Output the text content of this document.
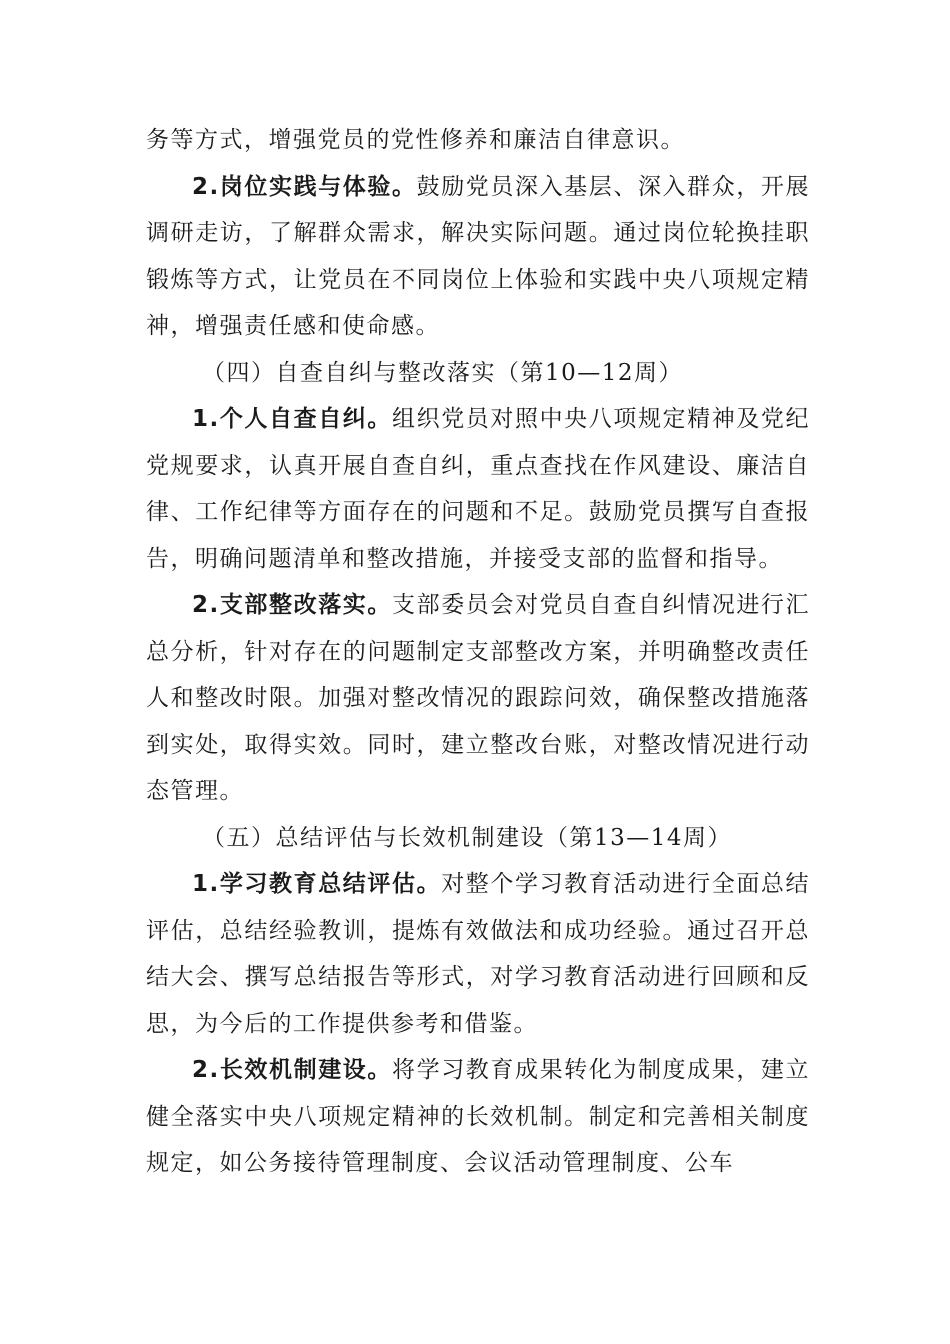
务等方式，增强党员的党性修养和廉洁自律意识。

2.岗位实践与体验。鼓励党员深入基层、深入群众，开展调研走访，了解群众需求，解决实际问题。通过岗位轮换挂职锻炼等方式，让党员在不同岗位上体验和实践中央八项规定精神，增强责任感和使命感。

（四）自查自纠与整改落实（第10—12周）

1.个人自查自纠。组织党员对照中央八项规定精神及党纪党规要求，认真开展自查自纠，重点查找在作风建设、廉洁自律、工作纪律等方面存在的问题和不足。鼓励党员撰写自查报告，明确问题清单和整改措施，并接受支部的监督和指导。

2.支部整改落实。支部委员会对党员自查自纠情况进行汇总分析，针对存在的问题制定支部整改方案，并明确整改责任人和整改时限。加强对整改情况的跟踪问效，确保整改措施落到实处，取得实效。同时，建立整改台账，对整改情况进行动态管理。

（五）总结评估与长效机制建设（第13—14周）

1.学习教育总结评估。对整个学习教育活动进行全面总结评估，总结经验教训，提炼有效做法和成功经验。通过召开总结大会、撰写总结报告等形式，对学习教育活动进行回顾和反思，为今后的工作提供参考和借鉴。

2.长效机制建设。将学习教育成果转化为制度成果，建立健全落实中央八项规定精神的长效机制。制定和完善相关制度规定，如公务接待管理制度、会议活动管理制度、公车
